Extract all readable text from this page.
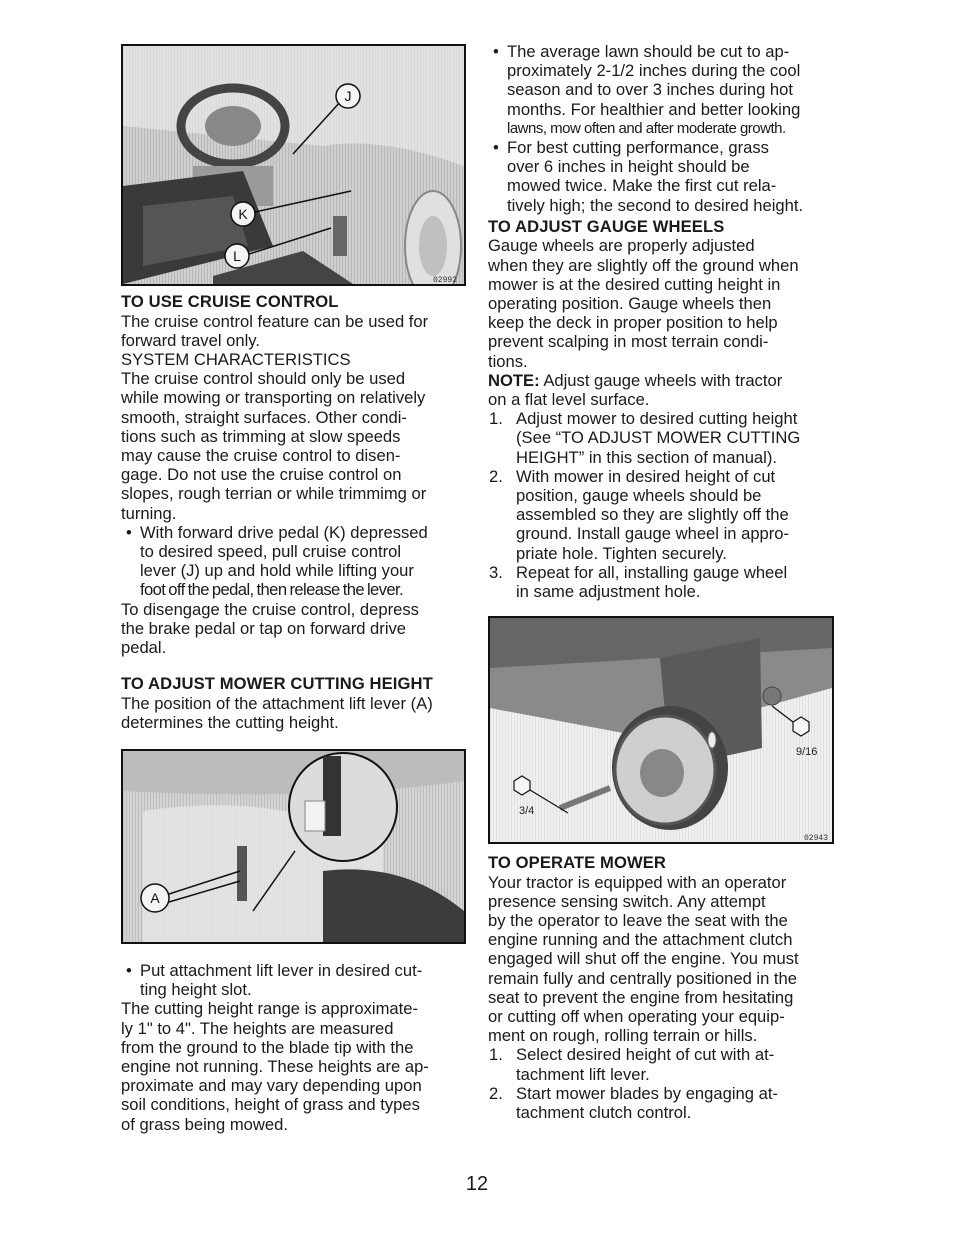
J
K
L
02992
TO USE CRUISE CONTROL

The cruise control feature can be used for
forward travel only.

SYSTEM CHARACTERISTICS

The cruise control should only be used
while mowing or transporting on relatively
smooth, straight surfaces. Other condi-
tions such as trimming at slow speeds
may cause the cruise control to disen-
gage. Do not use the cruise control on
slopes, rough terrian or while trimmimg or
turning.

• With forward drive pedal (K) depressed
to desired speed, pull cruise control
lever (J) up and hold while lifting your
foot off the pedal, then release the lever.

To disengage the cruise control, depress
the brake pedal or tap on forward drive
pedal.

TO ADJUST MOWER CUTTING HEIGHT

The position of the attachment lift lever (A)
determines the cutting height.

A
• Put attachment lift lever in desired cut-
ting height slot.

The cutting height range is approximate-
ly 1" to 4". The heights are measured
from the ground to the blade tip with the
engine not running. These heights are ap-
proximate and may vary depending upon
soil conditions, height of grass and types
of grass being mowed.

• The average lawn should be cut to ap-
proximately 2-1/2 inches during the cool
season and to over 3 inches during hot
months. For healthier and better looking
lawns, mow often and after moderate growth.
• For best cutting performance, grass
over 6 inches in height should be
mowed twice. Make the first cut rela-
tively high; the second to desired height.
TO ADJUST GAUGE WHEELS

Gauge wheels are properly adjusted
when they are slightly off the ground when
mower is at the desired cutting height in
operating position. Gauge wheels then
keep the deck in proper position to help
prevent scalping in most terrain condi-
tions.

NOTE: Adjust gauge wheels with tractor
on a flat level surface.

1. Adjust mower to desired cutting height
(See “TO ADJUST MOWER CUTTING
HEIGHT” in this section of manual).
2. With mower in desired height of cut
position, gauge wheels should be
assembled so they are slightly off the
ground. Install gauge wheel in appro-
priate hole. Tighten securely.
3. Repeat for all, installing gauge wheel
in same adjustment hole.
9/16
3/4
02943
TO OPERATE MOWER

Your tractor is equipped with an operator
presence sensing switch. Any attempt
by the operator to leave the seat with the
engine running and the attachment clutch
engaged will shut off the engine. You must
remain fully and centrally positioned in the
seat to prevent the engine from hesitating
or cutting off when operating your equip-
ment on rough, rolling terrain or hills.

1. Select desired height of cut with at-
tachment lift lever.
2. Start mower blades by engaging at-
tachment clutch control.
12
